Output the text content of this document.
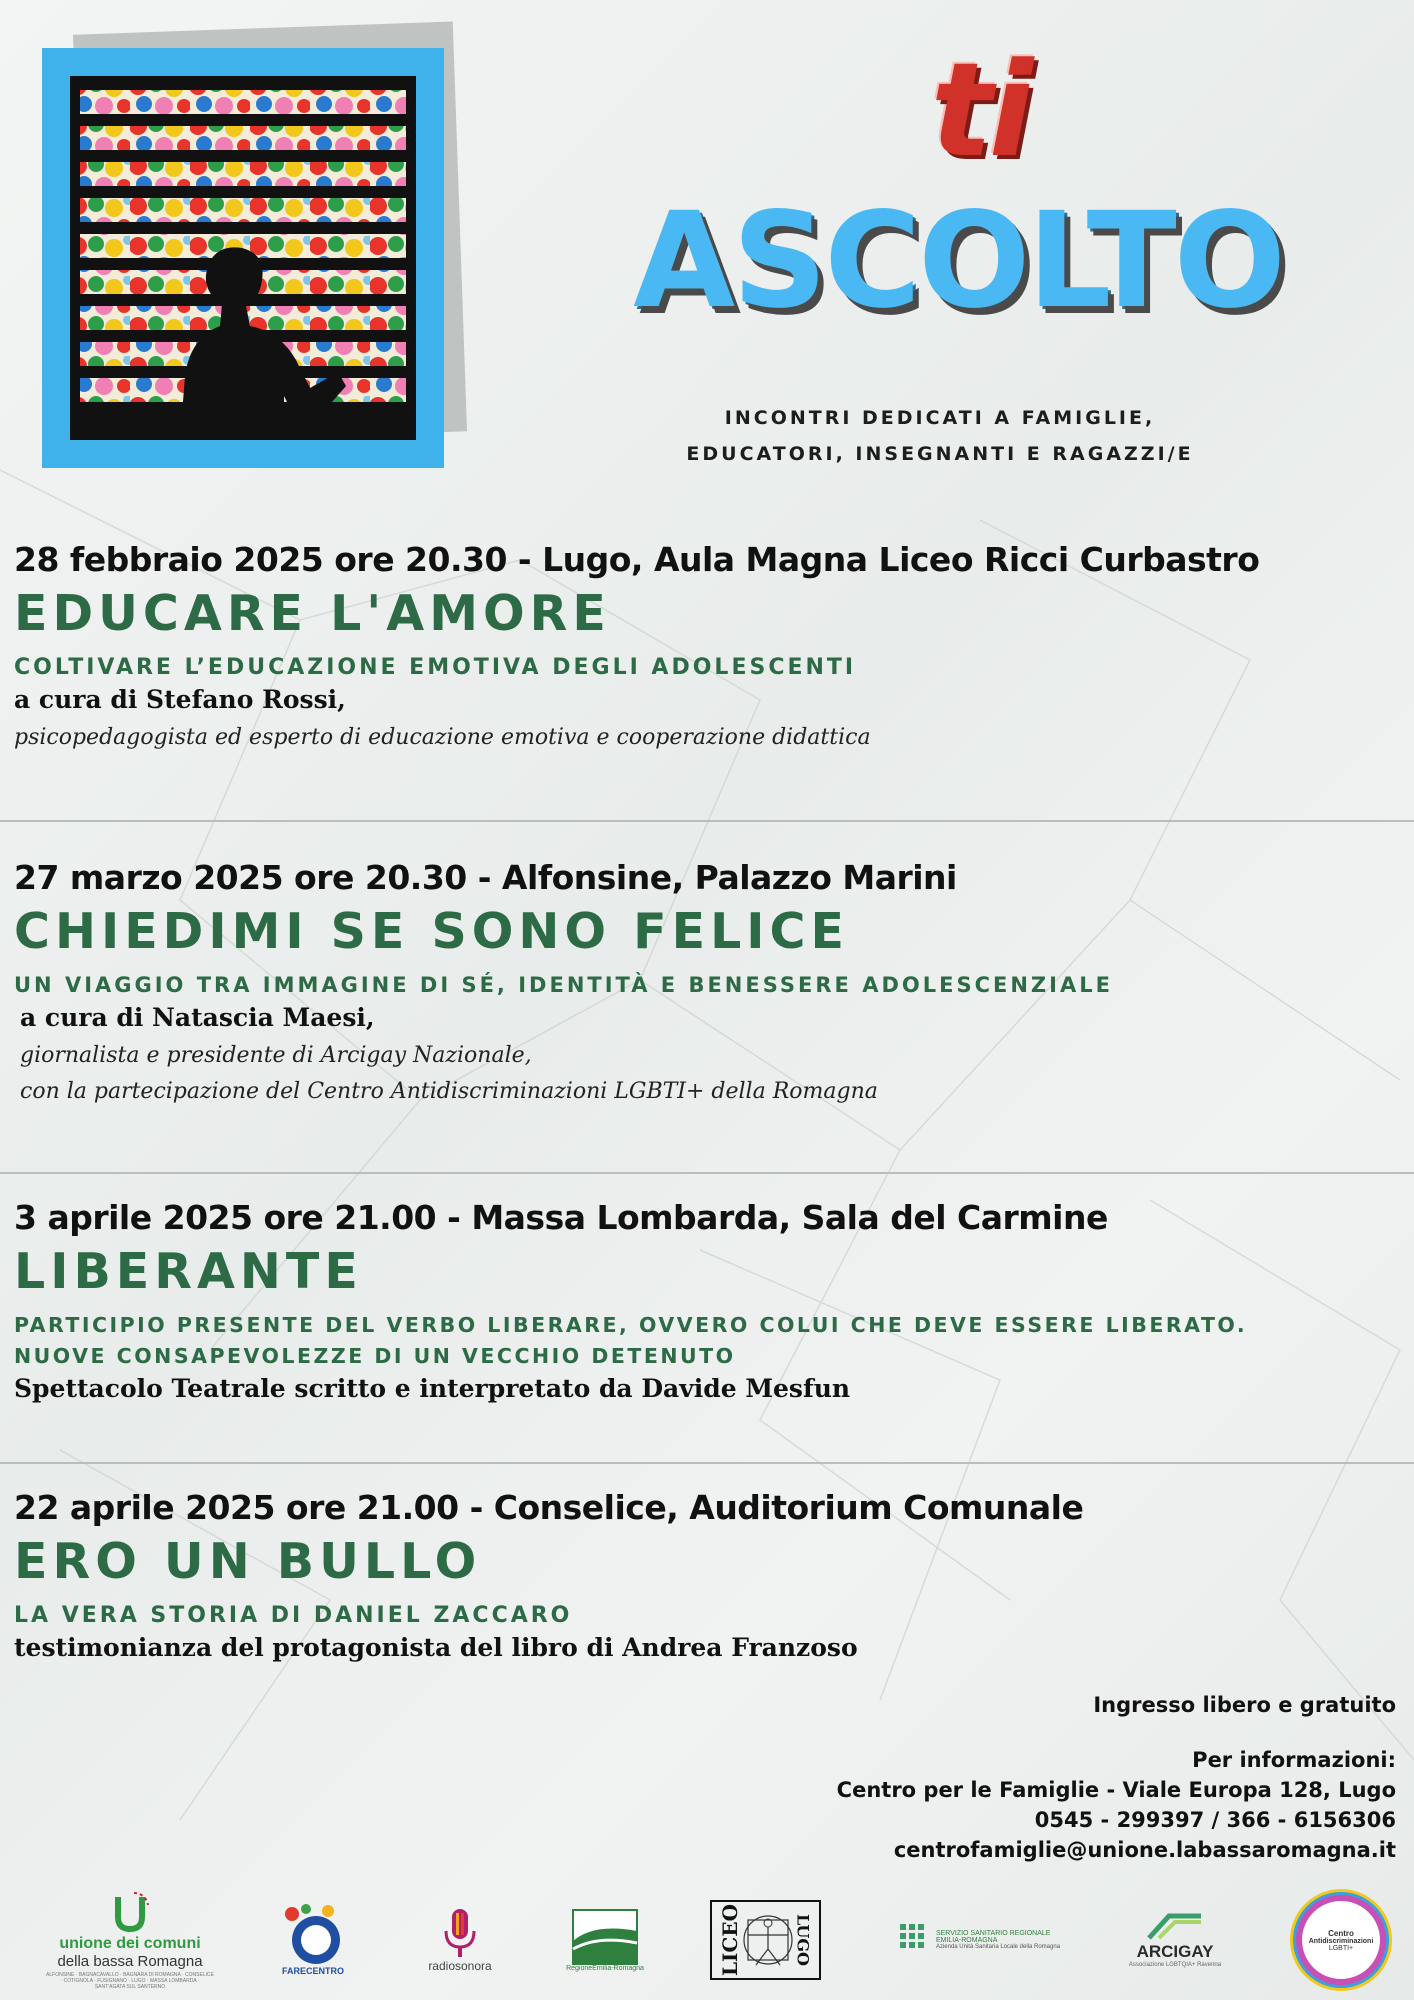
ti
ASCOLTO
INCONTRI DEDICATI A FAMIGLIE,
EDUCATORI, INSEGNANTI E RAGAZZI/E
28 febbraio 2025 ore 20.30 - Lugo, Aula Magna Liceo Ricci Curbastro
EDUCARE L'AMORE
COLTIVARE L’EDUCAZIONE EMOTIVA DEGLI ADOLESCENTI
a cura di Stefano Rossi,
psicopedagogista ed esperto di educazione emotiva e cooperazione didattica
27 marzo 2025 ore 20.30 - Alfonsine, Palazzo Marini
CHIEDIMI SE SONO FELICE
UN VIAGGIO TRA IMMAGINE DI SÉ, IDENTITÀ E BENESSERE ADOLESCENZIALE
a cura di Natascia Maesi,
giornalista e presidente di Arcigay Nazionale,
con la partecipazione del Centro Antidiscriminazioni LGBTI+ della Romagna
3 aprile 2025 ore 21.00 - Massa Lombarda, Sala del Carmine
LIBERANTE
PARTICIPIO PRESENTE DEL VERBO LIBERARE, OVVERO COLUI CHE DEVE ESSERE LIBERATO.
NUOVE CONSAPEVOLEZZE DI UN VECCHIO DETENUTO
Spettacolo Teatrale scritto e interpretato da Davide Mesfun
22 aprile 2025 ore 21.00 - Conselice, Auditorium Comunale
ERO UN BULLO
LA VERA STORIA DI DANIEL ZACCARO
testimonianza del protagonista del libro di Andrea Franzoso
Ingresso libero e gratuito
Per informazioni:
Centro per le Famiglie - Viale Europa 128, Lugo
0545 - 299397 / 366 - 6156306
centrofamiglie@unione.labassaromagna.it
unione dei comuni
della bassa Romagna
ALFONSINE · BAGNACAVALLO · BAGNARA DI ROMAGNA · CONSELICE · COTIGNOLA · FUSIGNANO · LUGO · MASSA LOMBARDA · SANT'AGATA SUL SANTERNO
FARECENTRO	radiosonora	RegioneEmilia-Romagna	LICEO	LUGO	SERVIZIO SANITARIO REGIONALE
EMILIA-ROMAGNA
Azienda Unità Sanitaria Locale della Romagna	ARCIGAY
Associazione LGBTQIA+ Ravenna
Centro
Antidiscriminazioni
LGBTI+
